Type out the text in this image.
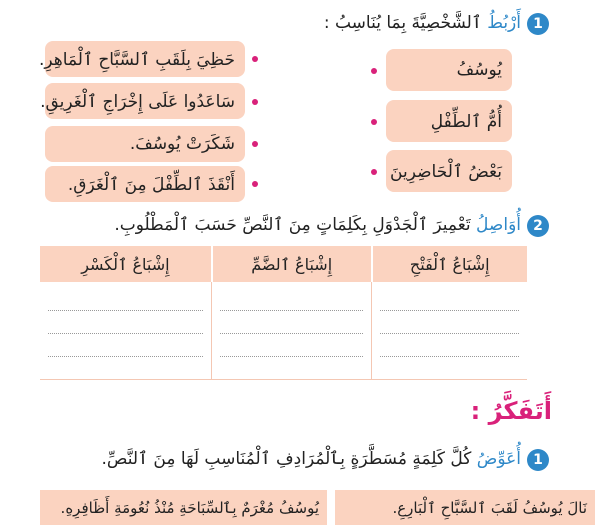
1
أَرْبُطُ ٱلشَّخْصِيَّةَ بِمَا يُنَاسِبُ :
يُوسُفُ
أُمُّ ٱلطِّفْلِ
بَعْضُ ٱلْحَاضِرِينَ
حَظِيَ بِلَقَبِ ٱلسَّبَّاحِ ٱلْمَاهِرِ.
سَاعَدُوا عَلَى إِخْرَاجِ ٱلْغَرِيقِ.
شَكَرَتْ يُوسُفَ.
أَنْقَذَ ٱلطِّفْلَ مِنَ ٱلْغَرَقِ.
2
أُوَاصِلُ تَعْمِيرَ ٱلْجَدْوَلِ بِكَلِمَاتٍ مِنَ ٱلنَّصِّ حَسَبَ ٱلْمَطْلُوبِ.
إِشْبَاعُ ٱلْفَتْحِ	إِشْبَاعُ ٱلضَّمِّ	إِشْبَاعُ ٱلْكَسْرِ

أَتَفَكَّرُ :
1
أُعَوِّضُ كُلَّ كَلِمَةٍ مُسَطَّرَةٍ بِٱلْمُرَادِفِ ٱلْمُنَاسِبِ لَهَا مِنَ ٱلنَّصِّ.
نَالَ يُوسُفُ لَقَبَ ٱلسَّبَّاحِ ٱلْبَارِعِ.
يُوسُفُ مُغْرَمٌ بِٱلسِّبَاحَةِ مُنْذُ نُعُومَةِ أَظَافِرِهِ.
